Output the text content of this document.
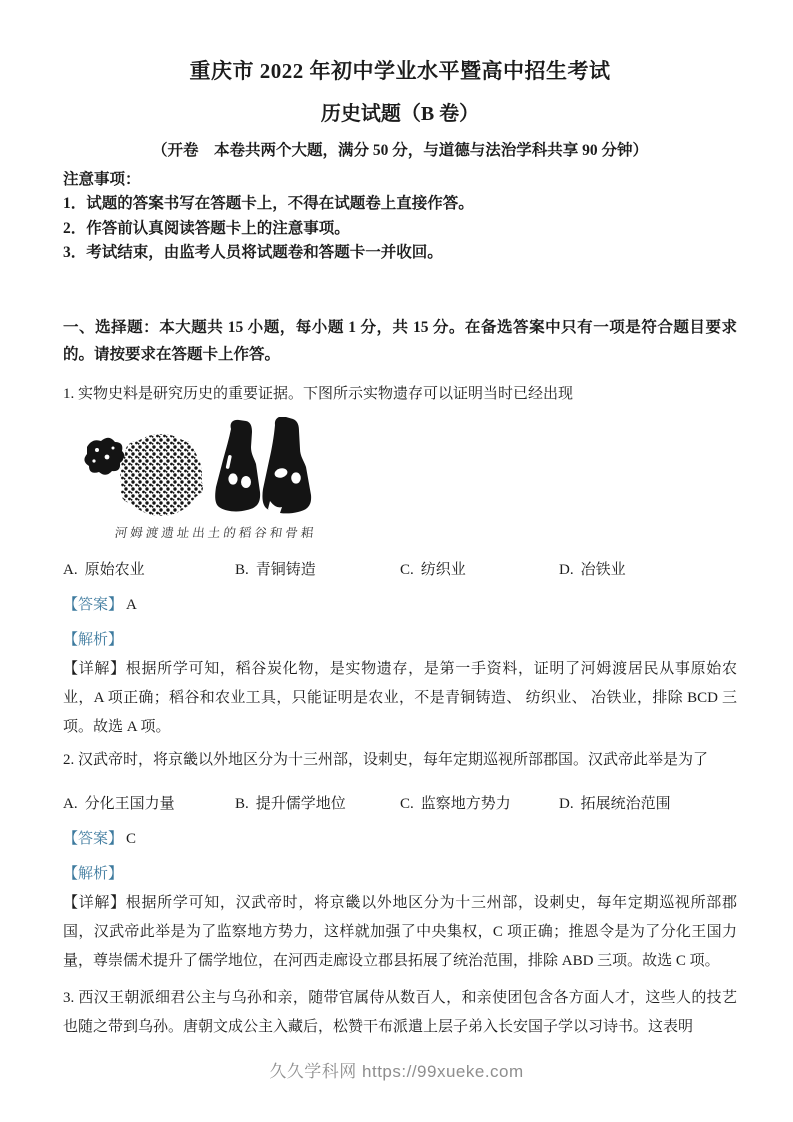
重庆市 2022 年初中学业水平暨高中招生考试
历史试题（B 卷）
（开卷　本卷共两个大题，满分 50 分，与道德与法治学科共享 90 分钟）
注意事项：
1．试题的答案书写在答题卡上，不得在试题卷上直接作答。
2．作答前认真阅读答题卡上的注意事项。
3．考试结束，由监考人员将试题卷和答题卡一并收回。
一、选择题：本大题共 15 小题，每小题 1 分，共 15 分。在备选答案中只有一项是符合题目要求的。请按要求在答题卡上作答。

1. 实物史料是研究历史的重要证据。下图所示实物遗存可以证明当时已经出现

河姆渡遗址出土的稻谷和骨耜
A. 原始农业	B. 青铜铸造	C. 纺织业	D. 冶铁业
【答案】 A
【解析】

【详解】根据所学可知，稻谷炭化物，是实物遗存，是第一手资料，证明了河姆渡居民从事原始农业，A 项正确；稻谷和农业工具，只能证明是农业，不是青铜铸造、 纺织业、 冶铁业，排除 BCD 三项。故选 A 项。

2. 汉武帝时，将京畿以外地区分为十三州部，设刺史，每年定期巡视所部郡国。汉武帝此举是为了

A. 分化王国力量	B. 提升儒学地位	C. 监察地方势力	D. 拓展统治范围
【答案】 C
【解析】

【详解】根据所学可知，汉武帝时，将京畿以外地区分为十三州部，设刺史，每年定期巡视所部郡国，汉武帝此举是为了监察地方势力，这样就加强了中央集权，C 项正确；推恩令是为了分化王国力量，尊崇儒术提升了儒学地位，在河西走廊设立郡县拓展了统治范围，排除 ABD 三项。故选 C 项。

3. 西汉王朝派细君公主与乌孙和亲，随带官属侍从数百人，和亲使团包含各方面人才，这些人的技艺也随之带到乌孙。唐朝文成公主入藏后，松赞干布派遣上层子弟入长安国子学以习诗书。这表明

久久学科网 https://99xueke.com
